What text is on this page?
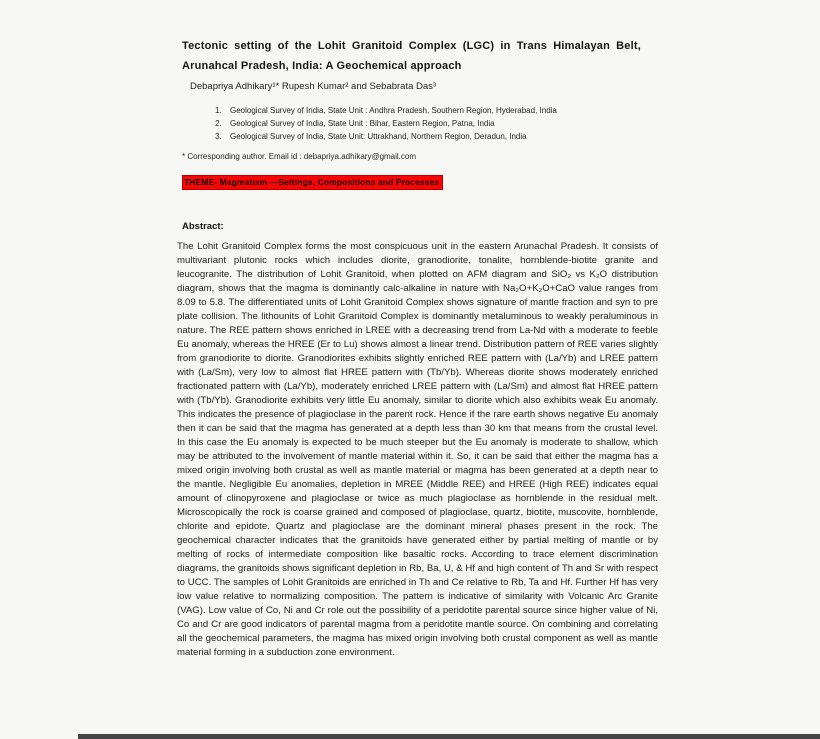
Tectonic setting of the Lohit Granitoid Complex (LGC) in Trans Himalayan Belt, Arunahcal Pradesh, India: A Geochemical approach
Debapriya Adhikary¹* Rupesh Kumar² and Sebabrata Das³
1. Geological Survey of India, State Unit : Andhra Pradesh, Southern Region, Hyderabad, India
2. Geological Survey of India, State Unit : Bihar, Eastern Region, Patna, India
3. Geological Survey of India, State Unit: Uttrakhand, Northern Region, Deradun, India
* Corresponding author. Email id : debapriya.adhikary@gmail.com
THEME- Magmatism —Settings, Compositions and Processes
Abstract:
The Lohit Granitoid Complex forms the most conspicuous unit in the eastern Arunachal Pradesh. It consists of multivariant plutonic rocks which includes diorite, granodiorite, tonalite, hornblende-biotite granite and leucogranite. The distribution of Lohit Granitoid, when plotted on AFM diagram and SiO₂ vs K₂O distribution diagram, shows that the magma is dominantly calc-alkaline in nature with Na₂O+K₂O+CaO value ranges from 8.09 to 5.8. The differentiated units of Lohit Granitoid Complex shows signature of mantle fraction and syn to pre plate collision. The lithounits of Lohit Granitoid Complex is dominantly metaluminous to weakly peraluminous in nature. The REE pattern shows enriched in LREE with a decreasing trend from La-Nd with a moderate to feeble Eu anomaly, whereas the HREE (Er to Lu) shows almost a linear trend. Distribution pattern of REE varies slightly from granodiorite to diorite. Granodiorites exhibits slightly enriched REE pattern with (La/Yb) and LREE pattern with (La/Sm), very low to almost flat HREE pattern with (Tb/Yb). Whereas diorite shows moderately enriched fractionated pattern with (La/Yb), moderately enriched LREE pattern with (La/Sm) and almost flat HREE pattern with (Tb/Yb). Granodiorite exhibits very little Eu anomaly, similar to diorite which also exhibits weak Eu anomaly. This indicates the presence of plagioclase in the parent rock. Hence if the rare earth shows negative Eu anomaly then it can be said that the magma has generated at a depth less than 30 km that means from the crustal level. In this case the Eu anomaly is expected to be much steeper but the Eu anomaly is moderate to shallow, which may be attributed to the involvement of mantle material within it. So, it can be said that either the magma has a mixed origin involving both crustal as well as mantle material or magma has been generated at a depth near to the mantle. Negligible Eu anomalies, depletion in MREE (Middle REE) and HREE (High REE) indicates equal amount of clinopyroxene and plagioclase or twice as much plagioclase as hornblende in the residual melt. Microscopically the rock is coarse grained and composed of plagioclase, quartz, biotite, muscovite, hornblende, chlorite and epidote. Quartz and plagioclase are the dominant mineral phases present in the rock. The geochemical character indicates that the granitoids have generated either by partial melting of mantle or by melting of rocks of intermediate composition like basaltic rocks. According to trace element discrimination diagrams, the granitoids shows significant depletion in Rb, Ba, U, & Hf and high content of Th and Sr with respect to UCC. The samples of Lohit Granitoids are enriched in Th and Ce relative to Rb, Ta and Hf. Further Hf has very low value relative to normalizing composition. The pattern is indicative of similarity with Volcanic Arc Granite (VAG). Low value of Co, Ni and Cr role out the possibility of a peridotite parental source since higher value of Ni, Co and Cr are good indicators of parental magma from a peridotite mantle source. On combining and correlating all the geochemical parameters, the magma has mixed origin involving both crustal component as well as mantle material forming in a subduction zone environment.
